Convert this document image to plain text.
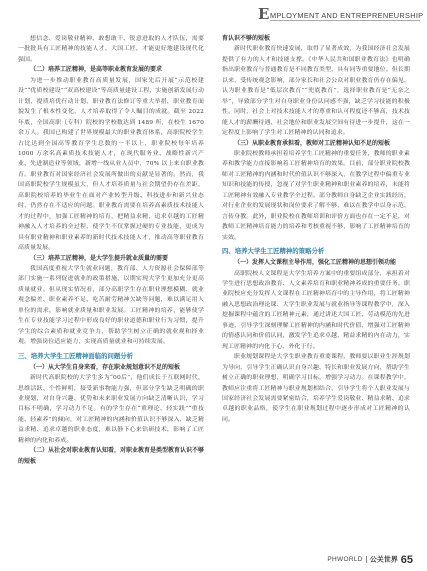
E MPLOYMENT AND ENTREPRENEURSHIP
想信念、爱岗敬业精神、敢想敢干、锐意进取的人才队伍，需要一批批具有工匠精神的技能人才、大国工匠，才能更好地建设现代化强国。
（二）培养工匠精神，是高等职业教育发展的要求
为进一步推动职业教育高质量发展，国家先后开展“示范校建设”“优质校建设”“双高校建设”等高质量建设工程，实施创新发展行动计划、提质培优行动计划、职业教育法修订等重大举措，职业教育面貌发生了根本性变化，人才培养取得了令人瞩目的成就。截至 2022 年底，全国高职（专科）院校的学校数达到 1489 所，在校生 1670 余万人。我国已构建了世界规模最大的职业教育体系，高职院校学生占比达到全国高等教育学生总数的一半以上，职业院校每年培养 1000 万余名高素质技术技能人才，在现代服务业、战略性新兴产业、先进制造业等领域，新增一线从业人员中，70% 以上来自职业教育。职业教育对国家经济社会发展所做出的贡献是显著的。然而，我国高职院校学生规模虽大，但人才培养质量与社会期望仍存在差距，高职院校培养的毕业生在面对产业转型升级、科技进步和新兴业态时，仍然存在不适应的问题。职业教育需要在培养高素质技术技能人才的过程中，加强工匠精神的培育，把精益求精、追求卓越的工匠精神融入人才培养的全过程，使学生不仅掌握过硬的专业技能，更成为具有职业精神和职业素养的新时代技术技能人才，推动高等职业教育高质量发展。
（三）培养工匠精神，是大学生提升就业质量的需要
我国高度重视大学生就业问题，教育部、人力资源社会保障部等部门实施一系列促进就业的政策措施，以期实现大学生更加充分更高质量就业。但从现实情况看，部分高职学生存在职业理想模糊、就业观念偏差、职业素养不足、吃苦耐劳精神欠缺等问题，难以满足用人单位的需求，影响就业质量和职业发展。工匠精神的培养，能够使学生在专业技能学习过程中形成良好的职业道德和职业行为习惯，提升学生的综合素质和就业竞争力，帮助学生树立正确的就业观和择业观，增强岗位适应能力，实现高质量就业和可持续发展。
三、培养大学生工匠精神面临的问题分析
（一）从大学生自身来看，存在职业规划意识不足的短板
新时代高职院校的大学生多为“00后”，他们成长于互联网时代，思维活跃、个性鲜明，接受新事物能力强，但部分学生缺乏明确的职业规划，对自身兴趣、优势和未来职业发展方向缺乏清晰认识，学习目标不明确，学习动力不足。有的学生存在“重理论、轻实践”“重技能、轻素养”的倾向，对工匠精神的内涵和价值认识不够深入，缺乏精益求精、追求卓越的职业态度，难以静下心来钻研技术，影响了工匠精神的内化和养成。
（二）从社会对职业教育认知看，对职业教育是类型教育认识不够的短板
育认识不够的短板
新时代职业教育快速发展，取得了显著成效，为我国经济社会发展提供了有力的人才和技能支撑。《中华人民共和国职业教育法》也明确指出职业教育与普通教育是不同教育类型，具有同等重要地位。但长期以来，受传统观念影响，部分家长和社会公众对职业教育仍存在偏见，认为职业教育是“低层次教育”“兜底教育”，选择职业教育是“无奈之举”，导致部分学生对自身职业身份认同感不强，缺乏学习技能的积极性。同时，社会上对技术技能人才的尊重和认可程度还不够高，技术技能人才的薪酬待遇、社会地位和职业发展空间有待进一步提升，这在一定程度上影响了学生对工匠精神的认同和追求。
（三）从职业教育承担看，教师对工匠精神认知不足的短板
职业院校教师承担着培养学生工匠精神的重要任务，教师的职业素养和教学能力直接影响着工匠精神培育的效果。目前，部分职业院校教师对工匠精神的内涵和时代价值认识不够深入，在教学过程中偏重专业知识和技能的传授，忽视了对学生职业精神和职业素养的培养，未能将工匠精神有效融入专业教学全过程。部分教师自身缺乏企业实践经历，对行业企业的发展现状和岗位要求了解不够，难以在教学中以身示范、言传身教。此外，职业院校在教师培训和评价方面也存在一定不足，对教师工匠精神培育能力的培养和考核重视不够，影响了工匠精神培育的实效。
四、培养大学生工匠精神的策略分析
（一）发挥人文课程主导作用，强化工匠精神的思想引领功能
高职院校人文课程是大学生培养方案中的重要组成部分，承担着对学生进行思想政治教育、人文素养培育和职业精神养成的重要任务。职业院校应充分发挥人文课程在工匠精神培育中的主导作用，将工匠精神融入思想政治理论课、大学生职业发展与就业指导等课程教学中，深入挖掘课程中蕴含的工匠精神元素，通过讲述大国工匠、劳动模范的先进事迹，引导学生深刻理解工匠精神的内涵和时代价值，增强对工匠精神的情感认同和价值认同，激发学生追求卓越、精益求精的内在动力，实现工匠精神的内化于心、外化于行。
职业规划课程是大学生职业教育重要课程，教师要以职业生涯规划为导向，引导学生正确认识自身兴趣、特长和职业发展方向，帮助学生树立正确的职业理想，明确学习目标，增强学习动力。在课程教学中，教师应注重将工匠精神与职业规划相结合，引导学生将个人职业发展与国家经济社会发展需要紧密结合，培养学生爱岗敬业、精益求精、追求卓越的职业品格，使学生在职业规划过程中逐步形成对工匠精神的认同。
PHWORLD 公关世界 65
